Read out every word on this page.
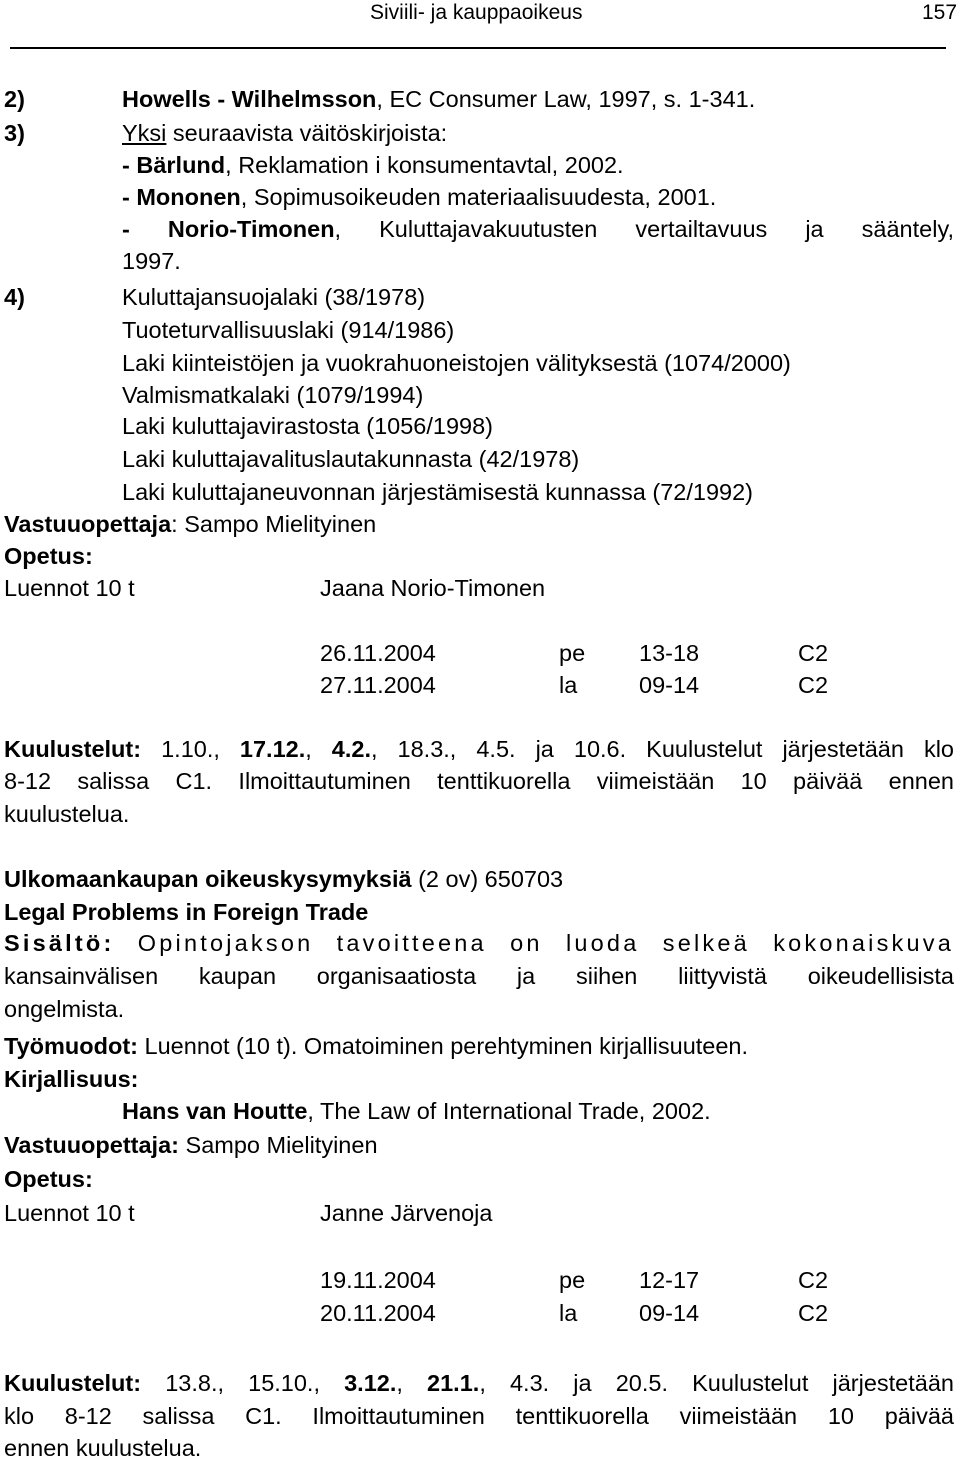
Siviili- ja kauppaoikeus	157
2)	Howells - Wilhelmsson, EC Consumer Law, 1997, s. 1-341.
3)	Yksi seuraavista väitöskirjoista:
- Bärlund, Reklamation i konsumentavtal, 2002.
- Mononen, Sopimusoikeuden materiaalisuudesta, 2001.
- Norio-Timonen, Kuluttajavakuutusten vertailtavuus ja sääntely,
1997.
4)	Kuluttajansuojalaki (38/1978)
Tuoteturvallisuuslaki (914/1986)
Laki kiinteistöjen ja vuokrahuoneistojen välityksestä (1074/2000)
Valmismatkalaki (1079/1994)
Laki kuluttajavirastosta (1056/1998)
Laki kuluttajavalituslautakunnasta (42/1978)
Laki kuluttajaneuvonnan järjestämisestä kunnassa (72/1992)
Vastuuopettaja: Sampo Mielityinen
Opetus:
Luennot 10 t	Jaana Norio-Timonen
26.11.2004	pe 13-18	C2
27.11.2004	la	09-14	C2
Kuulustelut: 1.10., 17.12., 4.2., 18.3., 4.5. ja 10.6. Kuulustelut järjestetään klo
8-12 salissa C1. Ilmoittautuminen tenttikuorella viimeistään 10 päivää ennen
kuulustelua.
Ulkomaankaupan oikeuskysymyksiä (2 ov) 650703
Legal Problems in Foreign Trade
Sisältö: Opintojakson tavoitteena on luoda selkeä kokonaiskuva
kansainvälisen kaupan organisaatiosta ja siihen liittyvistä oikeudellisista
ongelmista.
Työmuodot: Luennot (10 t). Omatoiminen perehtyminen kirjallisuuteen.
Kirjallisuus:
Hans van Houtte, The Law of International Trade, 2002.
Vastuuopettaja: Sampo Mielityinen
Opetus:
Luennot 10 t	Janne Järvenoja
19.11.2004	pe 12-17	C2
20.11.2004	la	09-14	C2
Kuulustelut: 13.8., 15.10., 3.12., 21.1., 4.3. ja 20.5. Kuulustelut järjestetään
klo 8-12 salissa C1. Ilmoittautuminen tenttikuorella viimeistään 10 päivää
ennen kuulustelua.
